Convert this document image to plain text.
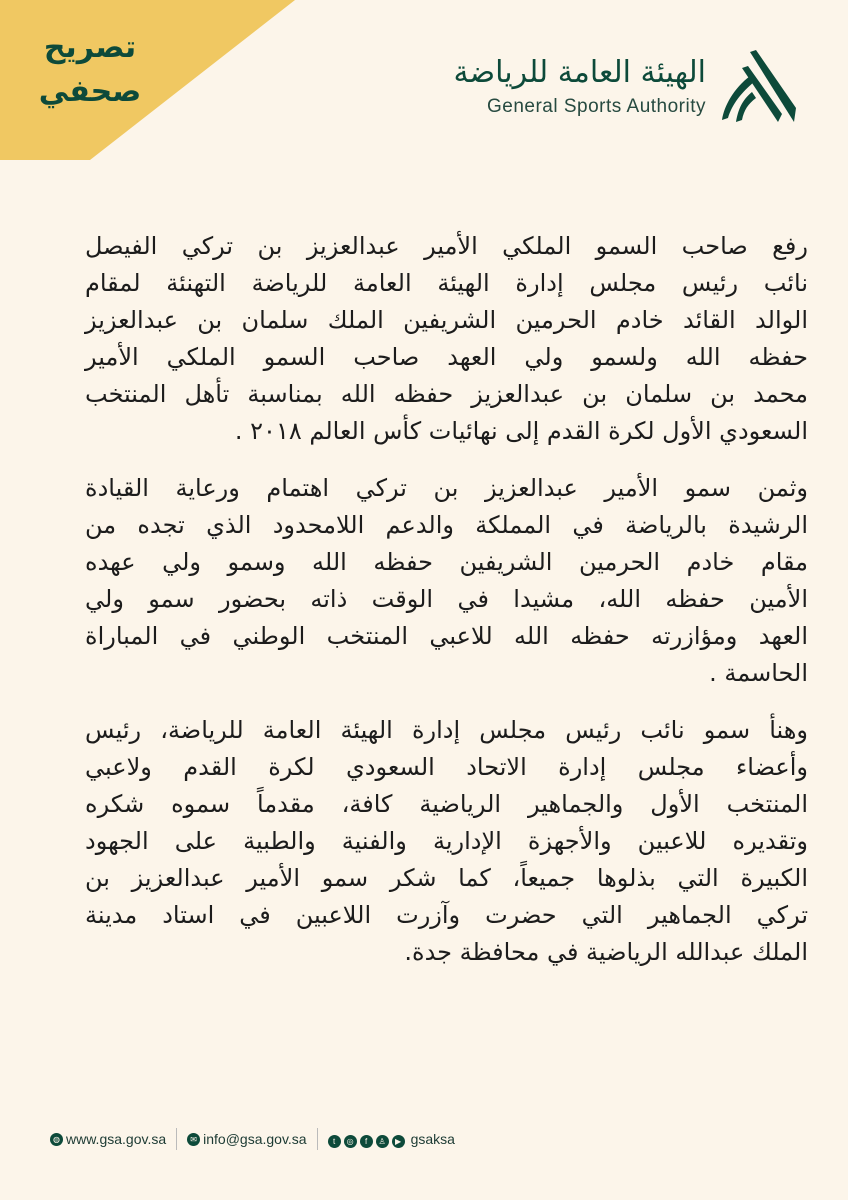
تصريح
صحفي
الهيئة العامة للرياضة
General Sports Authority
رفع صاحب السمو الملكي الأمير عبدالعزيز بن تركي الفيصل
نائب رئيس مجلس إدارة الهيئة العامة للرياضة التهنئة لمقام
الوالد القائد خادم الحرمين الشريفين الملك سلمان بن عبدالعزيز
حفظه الله ولسمو ولي العهد صاحب السمو الملكي الأمير
محمد بن سلمان بن عبدالعزيز حفظه الله بمناسبة تأهل المنتخب
السعودي الأول لكرة القدم إلى نهائيات كأس العالم ٢٠١٨ .
وثمن سمو الأمير عبدالعزيز بن تركي اهتمام ورعاية القيادة
الرشيدة بالرياضة في المملكة والدعم اللامحدود الذي تجده من
مقام خادم الحرمين الشريفين حفظه الله وسمو ولي عهده
الأمين حفظه الله، مشيدا في الوقت ذاته بحضور سمو ولي
العهد ومؤازرته حفظه الله للاعبي المنتخب الوطني في المباراة
الحاسمة .
وهنأ سمو نائب رئيس مجلس إدارة الهيئة العامة للرياضة، رئيس
وأعضاء مجلس إدارة الاتحاد السعودي لكرة القدم ولاعبي
المنتخب الأول والجماهير الرياضية كافة، مقدماً سموه شكره
وتقديره للاعبين والأجهزة الإدارية والفنية والطبية على الجهود
الكبيرة التي بذلوها جميعاً، كما شكر سمو الأمير عبدالعزيز بن
تركي الجماهير التي حضرت وآزرت اللاعبين في استاد مدينة
الملك عبدالله الرياضية في محافظة جدة.
◍ www.gsa.gov.sa	✉ info@gsa.gov.sa	t ◎ f ♙ ▶ gsaksa
